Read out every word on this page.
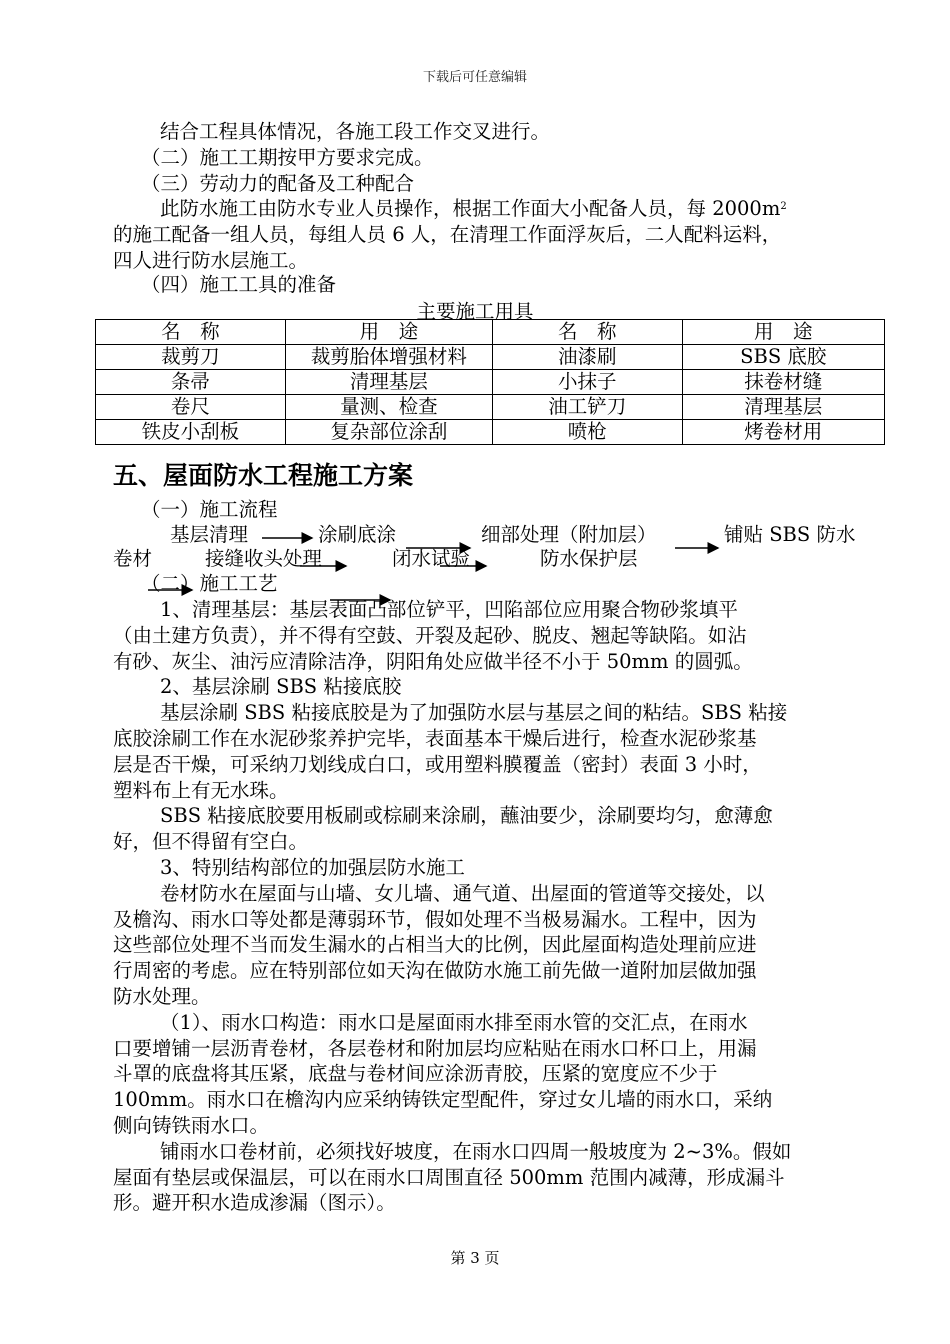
下载后可任意编辑
结合工程具体情况，各施工段工作交叉进行。
（二）施工工期按甲方要求完成。
（三）劳动力的配备及工种配合
此防水施工由防水专业人员操作，根据工作面大小配备人员，每 $2000m^2$
的施工配备一组人员，每组人员 6 人，在清理工作面浮灰后，二人配料运料，
四人进行防水层施工。
（四）施工工具的准备
主要施工用具
名　称	用　途	名　称	用　途
裁剪刀	裁剪胎体增强材料	油漆刷	SBS 底胶
条帚	清理基层	小抹子	抹卷材缝
卷尺	量测、检查	油工铲刀	清理基层
铁皮小刮板	复杂部位涂刮	喷枪	烤卷材用
五、屋面防水工程施工方案
（一）施工流程
基层清理	涂刷底涂	细部处理（附加层）	铺贴 SBS 防水
卷材	接缝收头处理	闭水试验	防水保护层
（二）施工工艺
1、清理基层：基层表面凸部位铲平，凹陷部位应用聚合物砂浆填平
（由土建方负责），并不得有空鼓、开裂及起砂、脱皮、翘起等缺陷。如沾
有砂、灰尘、油污应清除洁净，阴阳角处应做半径不小于 50mm 的圆弧。
2、基层涂刷 SBS 粘接底胶
基层涂刷 SBS 粘接底胶是为了加强防水层与基层之间的粘结。SBS 粘接
底胶涂刷工作在水泥砂浆养护完毕，表面基本干燥后进行，检查水泥砂浆基
层是否干燥，可采纳刀划线成白口，或用塑料膜覆盖（密封）表面 3 小时，
塑料布上有无水珠。
SBS 粘接底胶要用板刷或棕刷来涂刷，蘸油要少，涂刷要均匀，愈薄愈
好，但不得留有空白。
3、特别结构部位的加强层防水施工
卷材防水在屋面与山墙、女儿墙、通气道、出屋面的管道等交接处，以
及檐沟、雨水口等处都是薄弱环节，假如处理不当极易漏水。工程中，因为
这些部位处理不当而发生漏水的占相当大的比例，因此屋面构造处理前应进
行周密的考虑。应在特别部位如天沟在做防水施工前先做一道附加层做加强
防水处理。
（1）、雨水口构造：雨水口是屋面雨水排至雨水管的交汇点，在雨水
口要增铺一层沥青卷材，各层卷材和附加层均应粘贴在雨水口杯口上，用漏
斗罩的底盘将其压紧，底盘与卷材间应涂沥青胶，压紧的宽度应不少于
100mm。雨水口在檐沟内应采纳铸铁定型配件，穿过女儿墙的雨水口，采纳
侧向铸铁雨水口。
铺雨水口卷材前，必须找好坡度，在雨水口四周一般坡度为 2~3%。假如
屋面有垫层或保温层，可以在雨水口周围直径 500mm 范围内减薄，形成漏斗
形。避开积水造成渗漏（图示）。
第 3 页
